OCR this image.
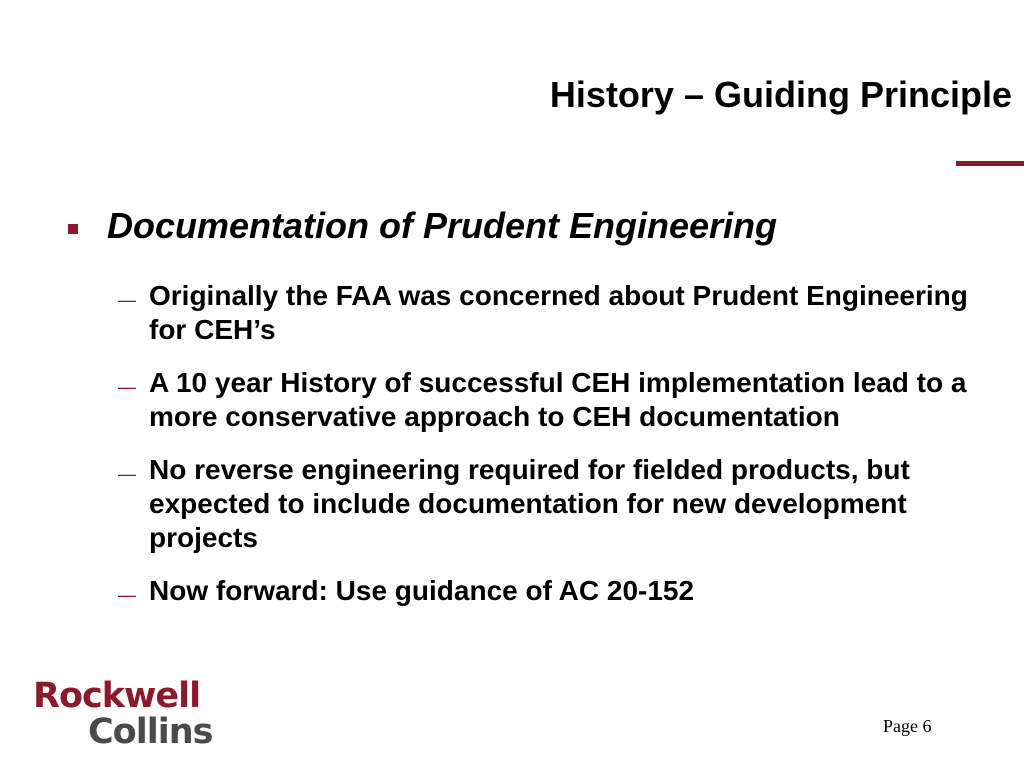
History – Guiding Principle
Documentation of Prudent Engineering
— Originally the FAA was concerned about Prudent Engineering for CEH’s
— A 10 year History of successful CEH implementation lead to a more conservative approach to CEH documentation
— No reverse engineering required for fielded products, but expected to include documentation for new development projects
— Now forward: Use guidance of AC 20-152
Rockwell
Collins	Page 6
